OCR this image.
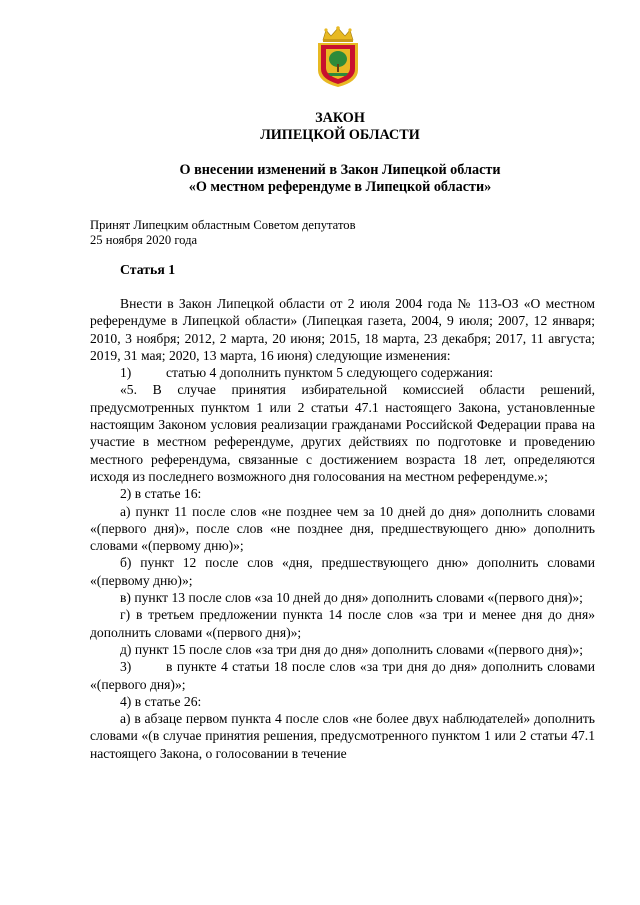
ЗАКОН
ЛИПЕЦКОЙ ОБЛАСТИ
О внесении изменений в Закон Липецкой области
«О местном референдуме в Липецкой области»
Принят Липецким областным Советом депутатов
25 ноября 2020 года
Статья 1

Внести в Закон Липецкой области от 2 июля 2004 года № 113-ОЗ «О местном референдуме в Липецкой области» (Липецкая газета, 2004, 9 июля; 2007, 12 января; 2010, 3 ноября; 2012, 2 марта, 20 июня; 2015, 18 марта, 23 декабря; 2017, 11 августа; 2019, 31 мая; 2020, 13 марта, 16 июня) следующие изменения:

1)	статью 4 дополнить пунктом 5 следующего содержания:

«5. В случае принятия избирательной комиссией области решений, предусмотренных пунктом 1 или 2 статьи 47.1 настоящего Закона, установленные настоящим Законом условия реализации гражданами Российской Федерации права на участие в местном референдуме, других действиях по подготовке и проведению местного референдума, связанные с достижением возраста 18 лет, определяются исходя из последнего возможного дня голосования на местном референдуме.»;

2) в статье 16:

а) пункт 11 после слов «не позднее чем за 10 дней до дня» дополнить словами «(первого дня)», после слов «не позднее дня, предшествующего дню» дополнить словами «(первому дню)»;

б) пункт 12 после слов «дня, предшествующего дню» дополнить словами «(первому дню)»;

в) пункт 13 после слов «за 10 дней до дня» дополнить словами «(первого дня)»;

г) в третьем предложении пункта 14 после слов «за три и менее дня до дня» дополнить словами «(первого дня)»;

д) пункт 15 после слов «за три дня до дня» дополнить словами «(первого дня)»;

3)	в пункте 4 статьи 18 после слов «за три дня до дня» дополнить словами «(первого дня)»;

4) в статье 26:

а) в абзаце первом пункта 4 после слов «не более двух наблюдателей» дополнить словами «(в случае принятия решения, предусмотренного пунктом 1 или 2 статьи 47.1 настоящего Закона, о голосовании в течение
